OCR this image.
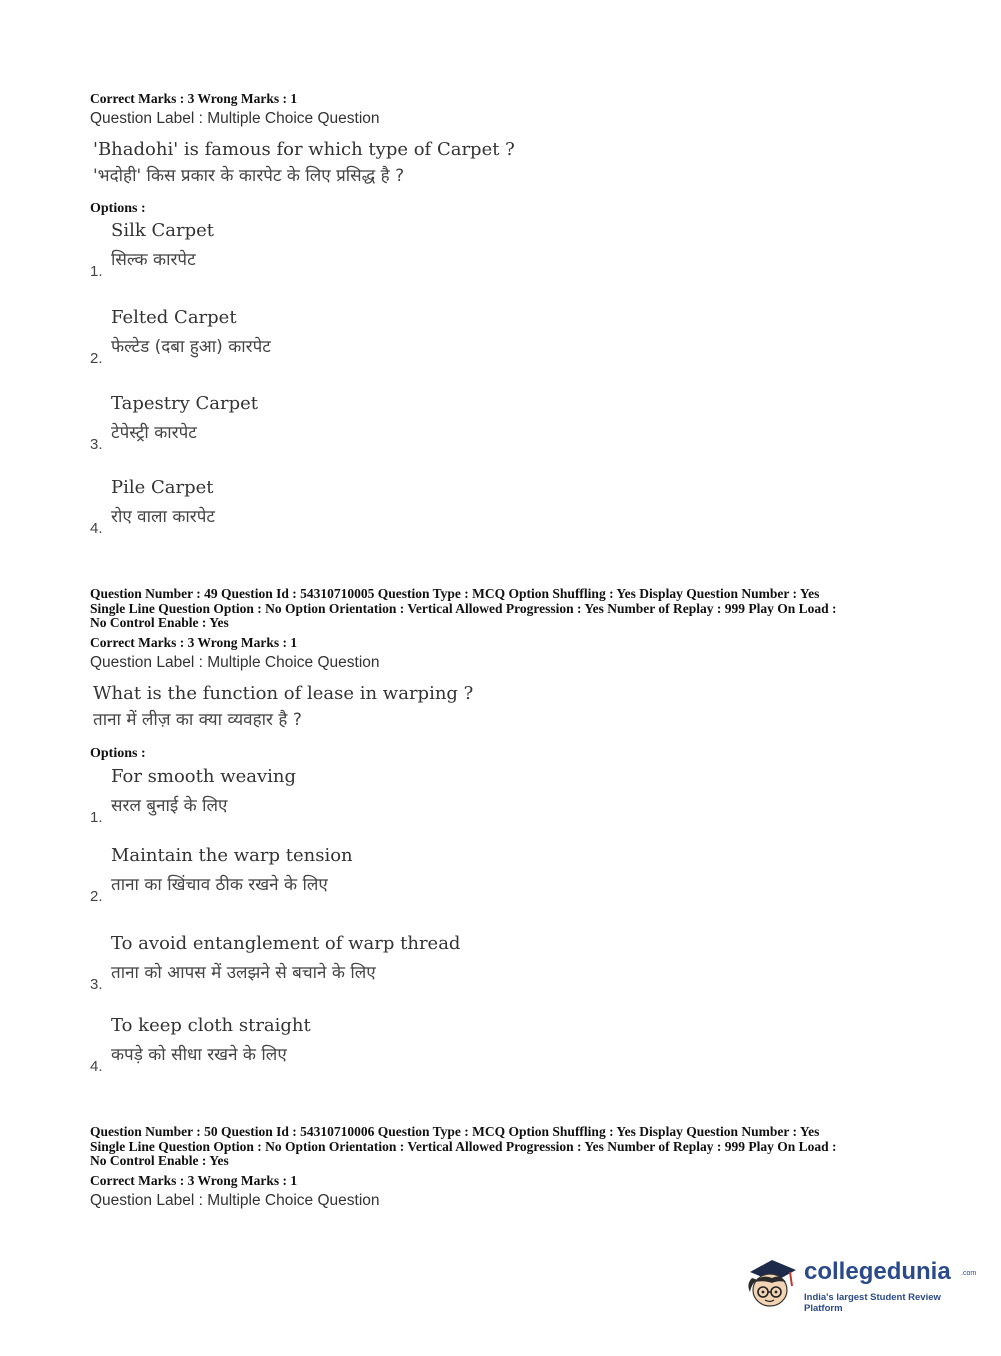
Correct Marks : 3 Wrong Marks : 1
Question Label : Multiple Choice Question
'Bhadohi' is famous for which type of Carpet ?
'भदोही' किस प्रकार के कारपेट के लिए प्रसिद्ध है ?
Options :
Silk Carpet
सिल्क कारपेट
1.
Felted Carpet
फेल्टेड (दबा हुआ) कारपेट
2.
Tapestry Carpet
टेपेस्ट्री कारपेट
3.
Pile Carpet
रोए वाला कारपेट
4.
Question Number : 49 Question Id : 54310710005 Question Type : MCQ Option Shuffling : Yes Display Question Number : Yes
Single Line Question Option : No Option Orientation : Vertical Allowed Progression : Yes Number of Replay : 999 Play On Load :
No Control Enable : Yes
Correct Marks : 3 Wrong Marks : 1
Question Label : Multiple Choice Question
What is the function of lease in warping ?
ताना में लीज़ का क्या व्यवहार है ?
Options :
For smooth weaving
सरल बुनाई के लिए
1.
Maintain the warp tension
ताना का खिंचाव ठीक रखने के लिए
2.
To avoid entanglement of warp thread
ताना को आपस में उलझने से बचाने के लिए
3.
To keep cloth straight
कपड़े को सीधा रखने के लिए
4.
Question Number : 50 Question Id : 54310710006 Question Type : MCQ Option Shuffling : Yes Display Question Number : Yes
Single Line Question Option : No Option Orientation : Vertical Allowed Progression : Yes Number of Replay : 999 Play On Load :
No Control Enable : Yes
Correct Marks : 3 Wrong Marks : 1
Question Label : Multiple Choice Question
collegedunia .com
India's largest Student Review Platform
